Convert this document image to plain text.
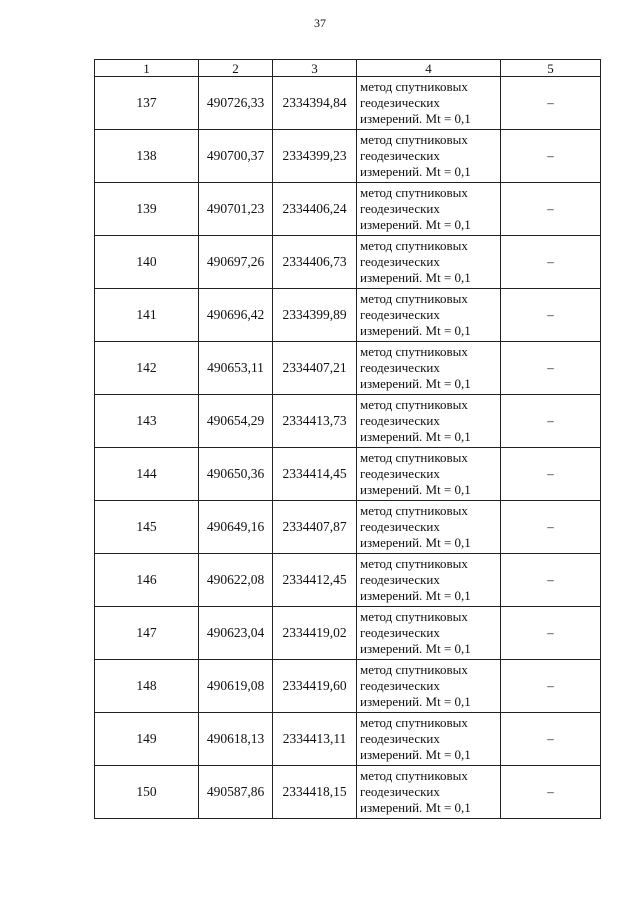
37
1	2	3	4	5
137	490726,33	2334394,84	метод спутниковых
геодезических
измерений. Mt = 0,1	–
138	490700,37	2334399,23	метод спутниковых
геодезических
измерений. Mt = 0,1	–
139	490701,23	2334406,24	метод спутниковых
геодезических
измерений. Mt = 0,1	–
140	490697,26	2334406,73	метод спутниковых
геодезических
измерений. Mt = 0,1	–
141	490696,42	2334399,89	метод спутниковых
геодезических
измерений. Mt = 0,1	–
142	490653,11	2334407,21	метод спутниковых
геодезических
измерений. Mt = 0,1	–
143	490654,29	2334413,73	метод спутниковых
геодезических
измерений. Mt = 0,1	–
144	490650,36	2334414,45	метод спутниковых
геодезических
измерений. Mt = 0,1	–
145	490649,16	2334407,87	метод спутниковых
геодезических
измерений. Mt = 0,1	–
146	490622,08	2334412,45	метод спутниковых
геодезических
измерений. Mt = 0,1	–
147	490623,04	2334419,02	метод спутниковых
геодезических
измерений. Mt = 0,1	–
148	490619,08	2334419,60	метод спутниковых
геодезических
измерений. Mt = 0,1	–
149	490618,13	2334413,11	метод спутниковых
геодезических
измерений. Mt = 0,1	–
150	490587,86	2334418,15	метод спутниковых
геодезических
измерений. Mt = 0,1	–
